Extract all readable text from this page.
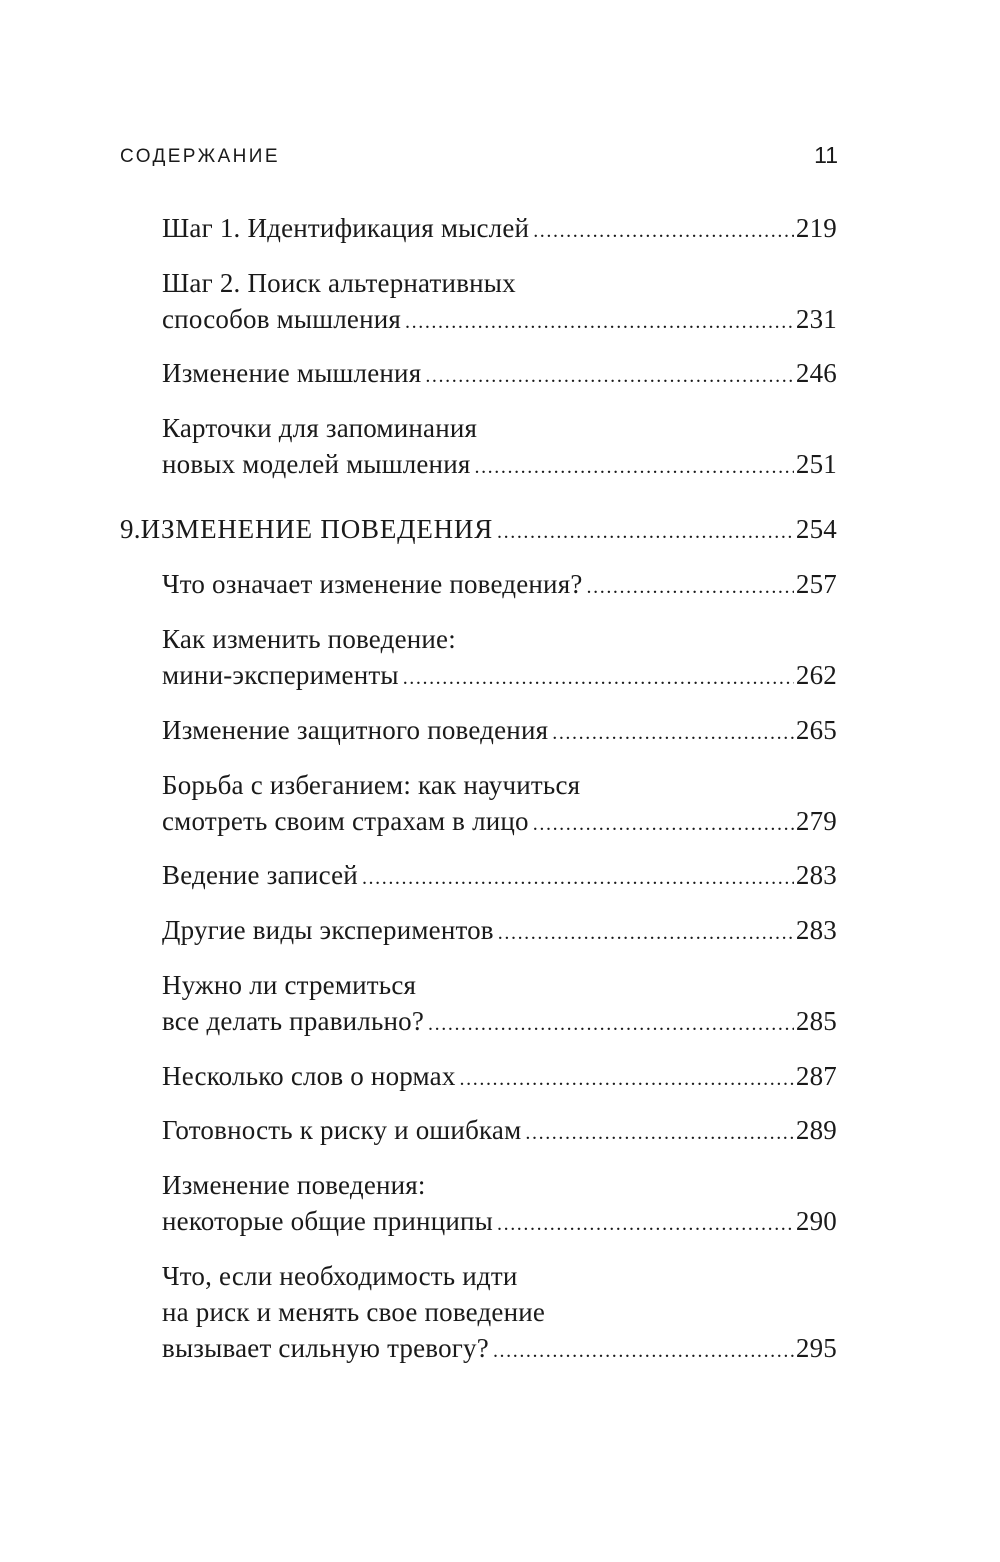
СОДЕРЖАНИЕ	11
Шаг 1. Идентификация мыслей .....	219
Шаг 2. Поиск альтернативных
способов мышления .....	231
Изменение мышления .....	246
Карточки для запоминания
новых моделей мышления .....	251
9. ИЗМЕНЕНИЕ ПОВЕДЕНИЯ .....	254
Что означает изменение поведения? .....	257
Как изменить поведение:
мини-эксперименты .....	262
Изменение защитного поведения .....	265
Борьба с избеганием: как научиться
смотреть своим страхам в лицо .....	279
Ведение записей .....	283
Другие виды экспериментов .....	283
Нужно ли стремиться
все делать правильно? .....	285
Несколько слов о нормах .....	287
Готовность к риску и ошибкам .....	289
Изменение поведения:
некоторые общие принципы .....	290
Что, если необходимость идти
на риск и менять свое поведение
вызывает сильную тревогу? .....	295
